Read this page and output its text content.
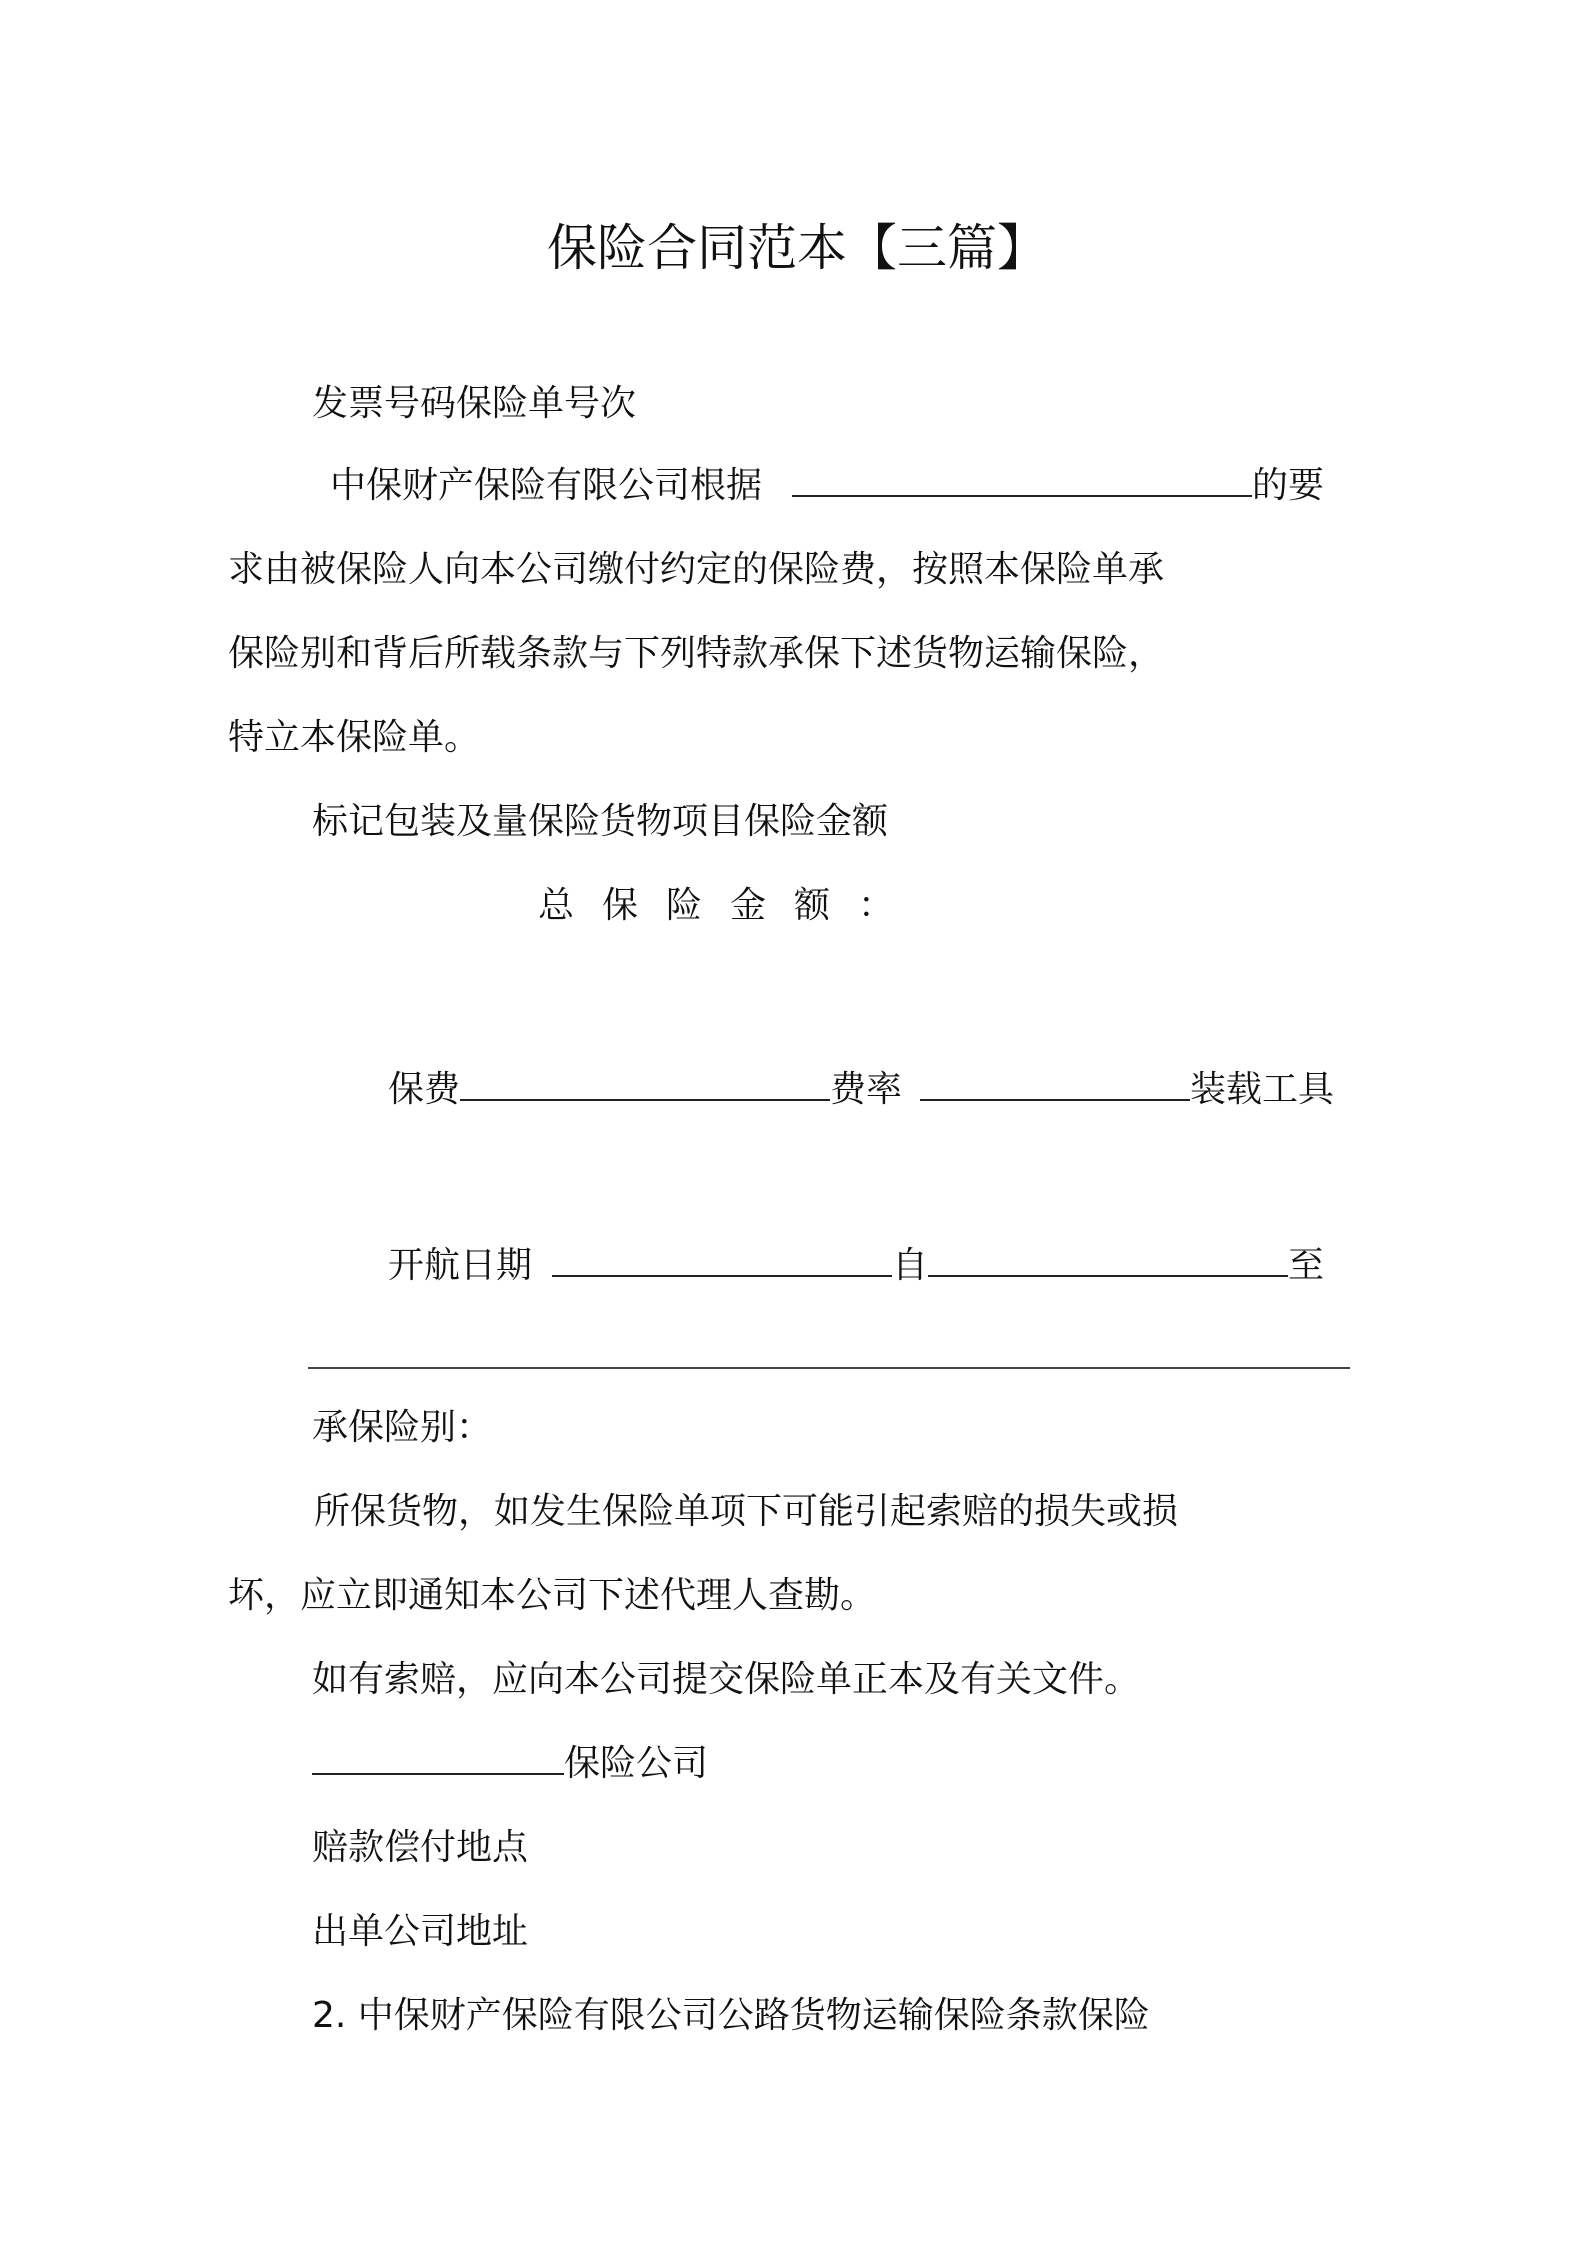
保险合同范本【三篇】

发票号码保险单号次

中保财产保险有限公司根据	的要

求由被保险人向本公司缴付约定的保险费，按照本保险单承

保险别和背后所载条款与下列特款承保下述货物运输保险，

特立本保险单。

标记包装及量保险货物项目保险金额

总保险金额：

保费	费率	装载工具

开航日期	自	至

承保险别：

所保货物，如发生保险单项下可能引起索赔的损失或损

坏，应立即通知本公司下述代理人查勘。

如有索赔，应向本公司提交保险单正本及有关文件。

保险公司

赔款偿付地点

出单公司地址

2. 中保财产保险有限公司公路货物运输保险条款保险
